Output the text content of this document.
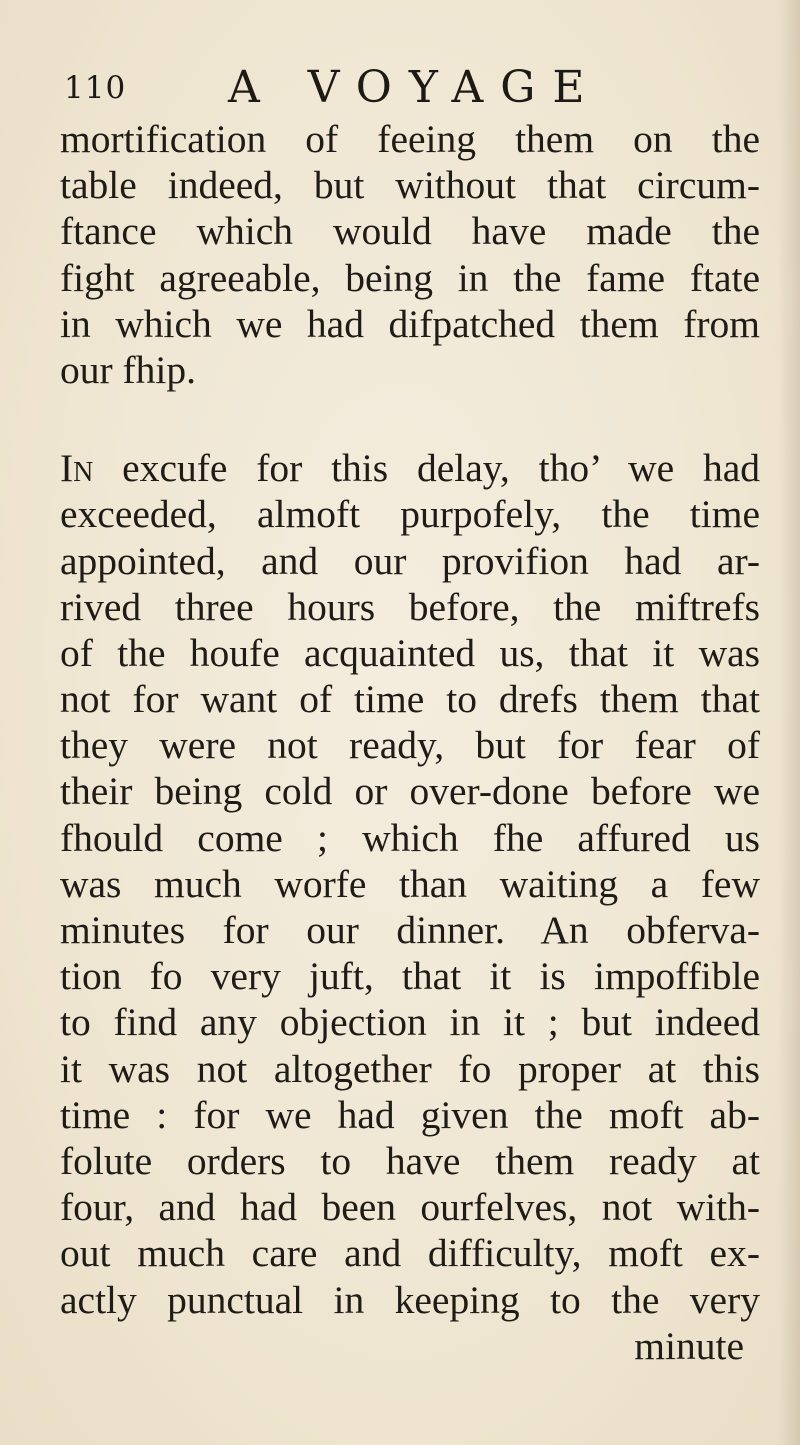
110 A VOYAGE
mortification of feeing them on the
table indeed, but without that circum-
ftance which would have made the
fight agreeable, being in the fame ftate
in which we had difpatched them from
our fhip.
In excufe for this delay, tho’ we had
exceeded, almoft purpofely, the time
appointed, and our provifion had ar-
rived three hours before, the miftrefs
of the houfe acquainted us, that it was
not for want of time to drefs them that
they were not ready, but for fear of
their being cold or over-done before we
fhould come ; which fhe affured us
was much worfe than waiting a few
minutes for our dinner. An obferva-
tion fo very juft, that it is impoffible
to find any objection in it ; but indeed
it was not altogether fo proper at this
time : for we had given the moft ab-
folute orders to have them ready at
four, and had been ourfelves, not with-
out much care and difficulty, moft ex-
actly punctual in keeping to the very
minute
